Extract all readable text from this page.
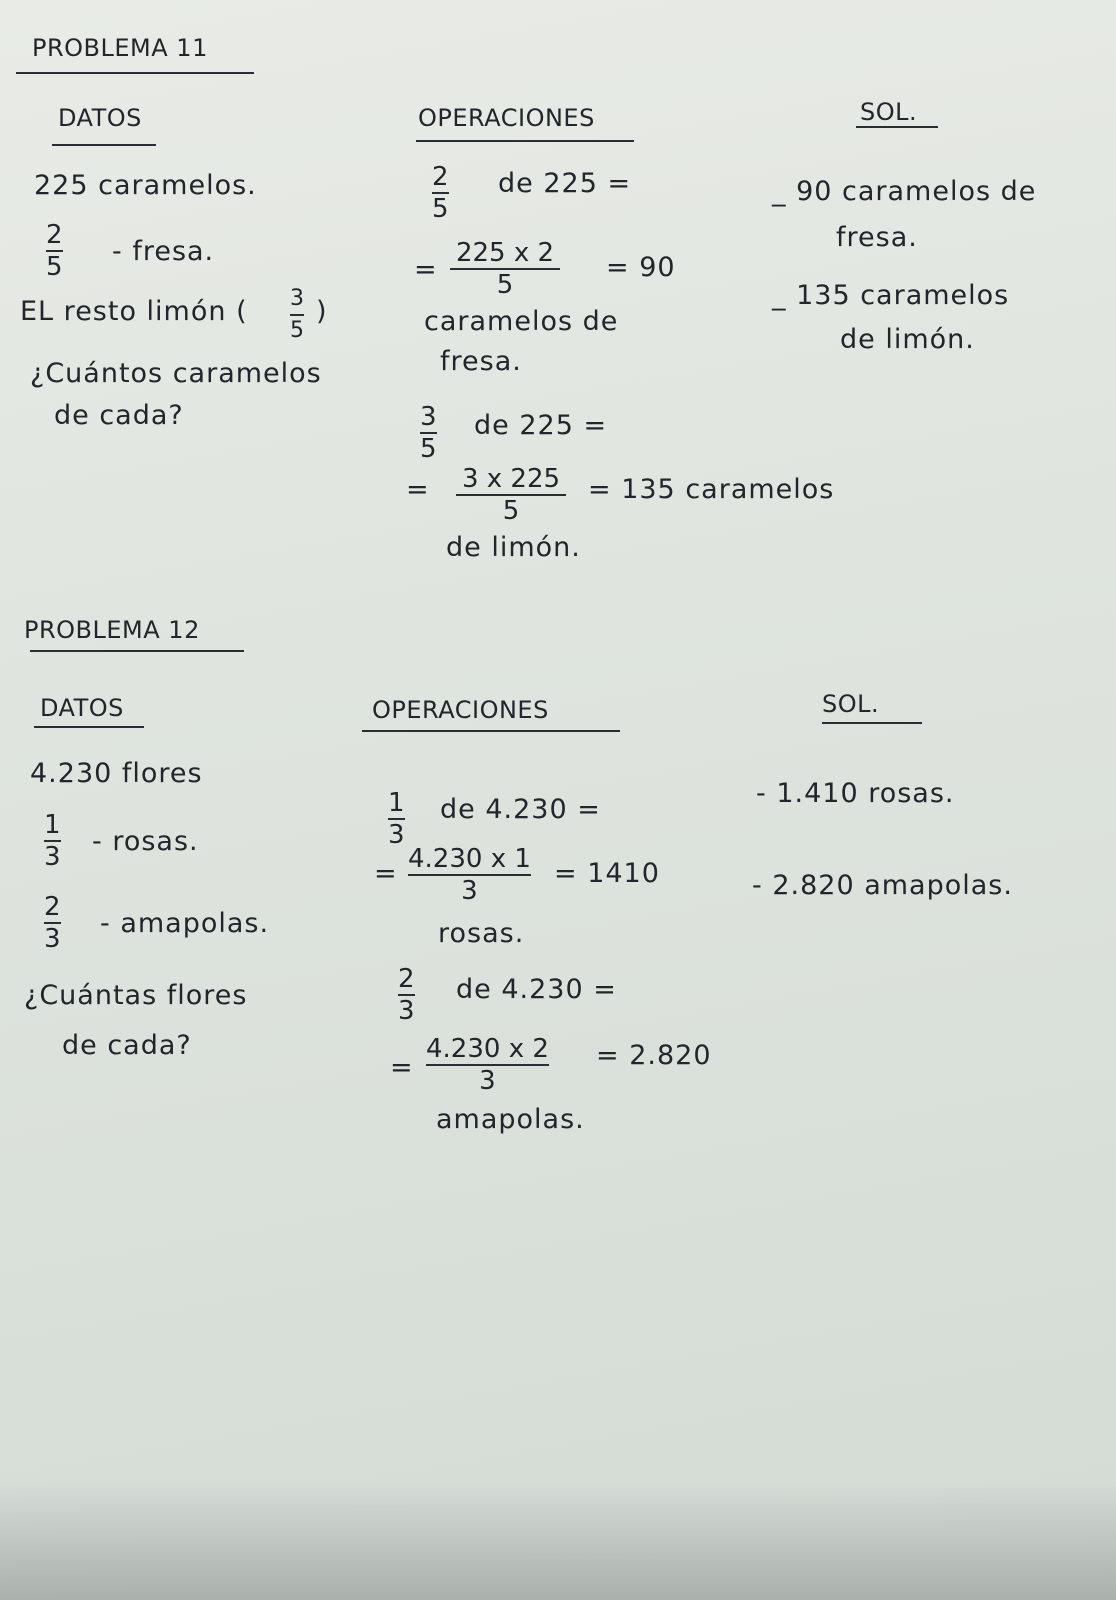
PROBLEMA 11
DATOS	OPERACIONES	SOL.
225 caramelos.
2
5 - fresa.
EL resto limón ( 3
5
)
¿Cuántos caramelos
de cada?
2
5
de 225 =
=
225 x 2
5
= 90
caramelos de
fresa.
3
5
de 225 =
= 3 x 225
5
= 135 caramelos
de limón.
_ 90 caramelos de
fresa.
_ 135 caramelos
de limón.
PROBLEMA 12
DATOS	OPERACIONES	SOL.
4.230 flores
1
3 - rosas.
2
3 - amapolas.
¿Cuántas flores
de cada?
1
3
de 4.230 =
= 4.230 x 1
3
= 1410
rosas.
2
3
de 4.230 =
=
4.230 x 2
3
= 2.820
amapolas.
- 1.410 rosas.
- 2.820 amapolas.
